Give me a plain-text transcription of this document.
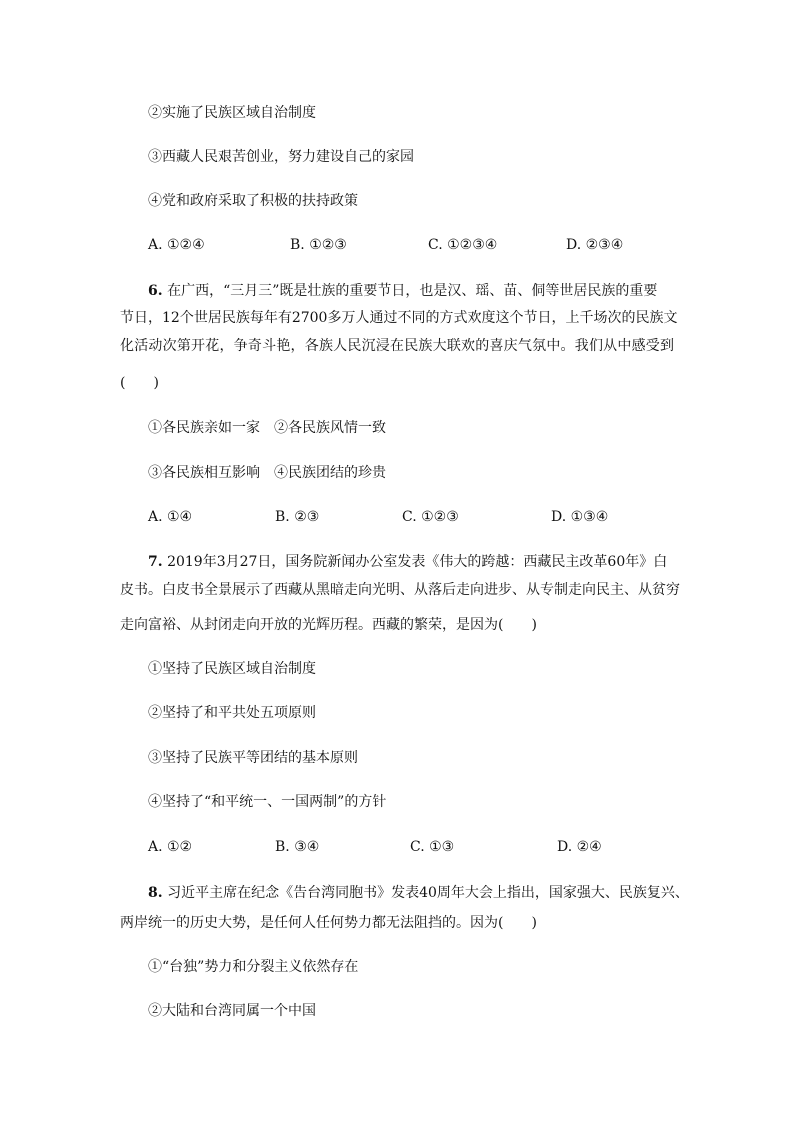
②实施了民族区域自治制度
③西藏人民艰苦创业，努力建设自己的家园
④党和政府采取了积极的扶持政策
A. ①②④	B. ①②③	C. ①②③④	D. ②③④
6. 在广西，“三月三”既是壮族的重要节日，也是汉、瑶、苗、侗等世居民族的重要
节日，12个世居民族每年有2700多万人通过不同的方式欢度这个节日，上千场次的民族文
化活动次第开花，争奇斗艳，各族人民沉浸在民族大联欢的喜庆气氛中。我们从中感受到
(　　)
①各民族亲如一家　②各民族风情一致
③各民族相互影响　④民族团结的珍贵
A. ①④	B. ②③	C. ①②③	D. ①③④
7. 2019年3月27日，国务院新闻办公室发表《伟大的跨越：西藏民主改革60年》白
皮书。白皮书全景展示了西藏从黑暗走向光明、从落后走向进步、从专制走向民主、从贫穷
走向富裕、从封闭走向开放的光辉历程。西藏的繁荣，是因为(　　)
①坚持了民族区域自治制度
②坚持了和平共处五项原则
③坚持了民族平等团结的基本原则
④坚持了“和平统一、一国两制”的方针
A. ①②	B. ③④	C. ①③	D. ②④
8. 习近平主席在纪念《告台湾同胞书》发表40周年大会上指出，国家强大、民族复兴、
两岸统一的历史大势，是任何人任何势力都无法阻挡的。因为(　　)
①“台独”势力和分裂主义依然存在
②大陆和台湾同属一个中国
